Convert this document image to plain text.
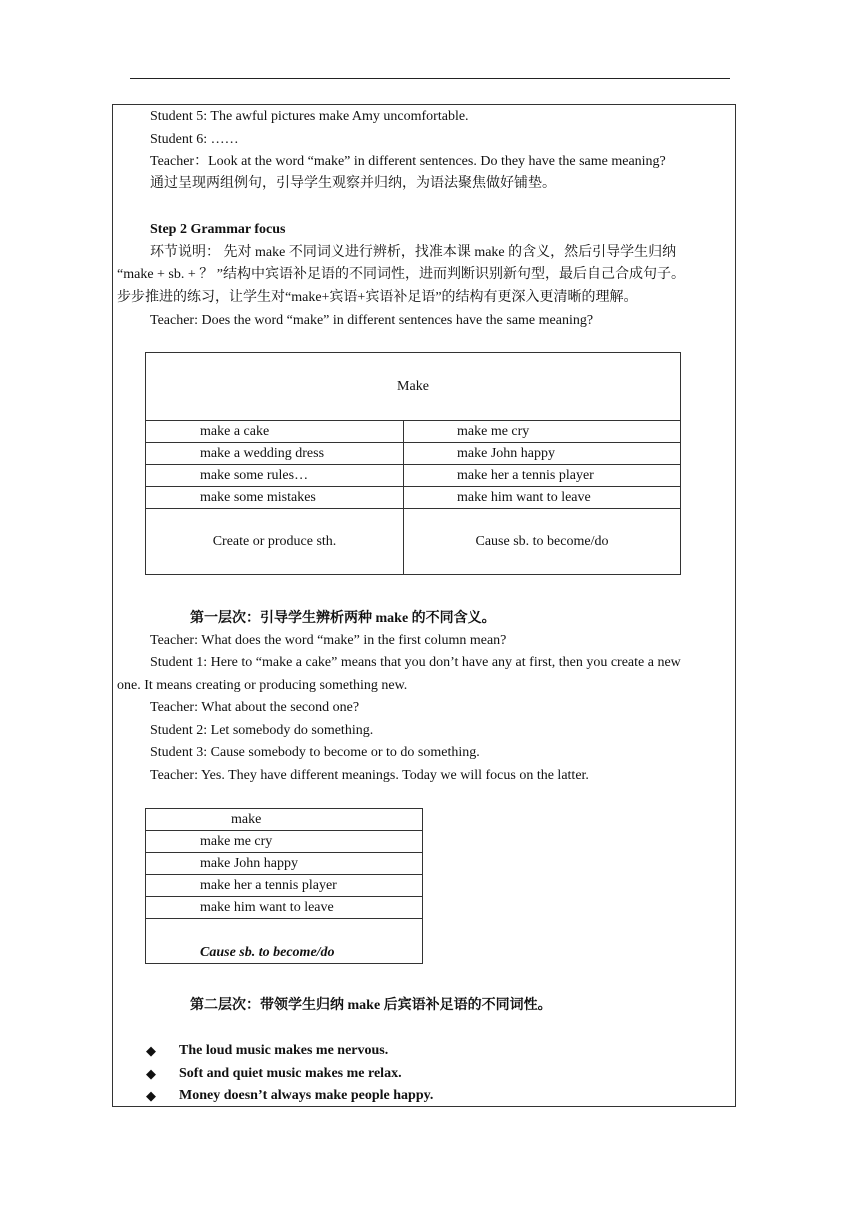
Student 5: The awful pictures make Amy uncomfortable.
Student 6: ……
Teacher：Look at the word “make” in different sentences. Do they have the same meaning?
通过呈现两组例句，引导学生观察并归纳，为语法聚焦做好铺垫。
Step 2 Grammar focus
环节说明： 先对 make 不同词义进行辨析，找准本课 make 的含义，然后引导学生归纳
“make + sb. + ？ ”结构中宾语补足语的不同词性，进而判断识别新句型，最后自己合成句子。
步步推进的练习，让学生对“make+宾语+宾语补足语”的结构有更深入更清晰的理解。
Teacher: Does the word “make” in different sentences have the same meaning?
Make	
make a cake	make me cry
make a wedding dress	make John happy
make some rules…	make her a tennis player
make some mistakes	make him want to leave
Create or produce sth.	Cause sb. to become/do
第一层次：引导学生辨析两种 make 的不同含义。
Teacher: What does the word “make” in the first column mean?
Student 1: Here to “make a cake” means that you don’t have any at first, then you create a new
one. It means creating or producing something new.
Teacher: What about the second one?
Student 2: Let somebody do something.
Student 3: Cause somebody to become or to do something.
Teacher: Yes. They have different meanings. Today we will focus on the latter.
make
make me cry
make John happy
make her a tennis player
make him want to leave
Cause sb. to become/do
第二层次：带领学生归纳 make 后宾语补足语的不同词性。
◆ The loud music makes me nervous.
◆ Soft and quiet music makes me relax.
◆ Money doesn’t always make people happy.
